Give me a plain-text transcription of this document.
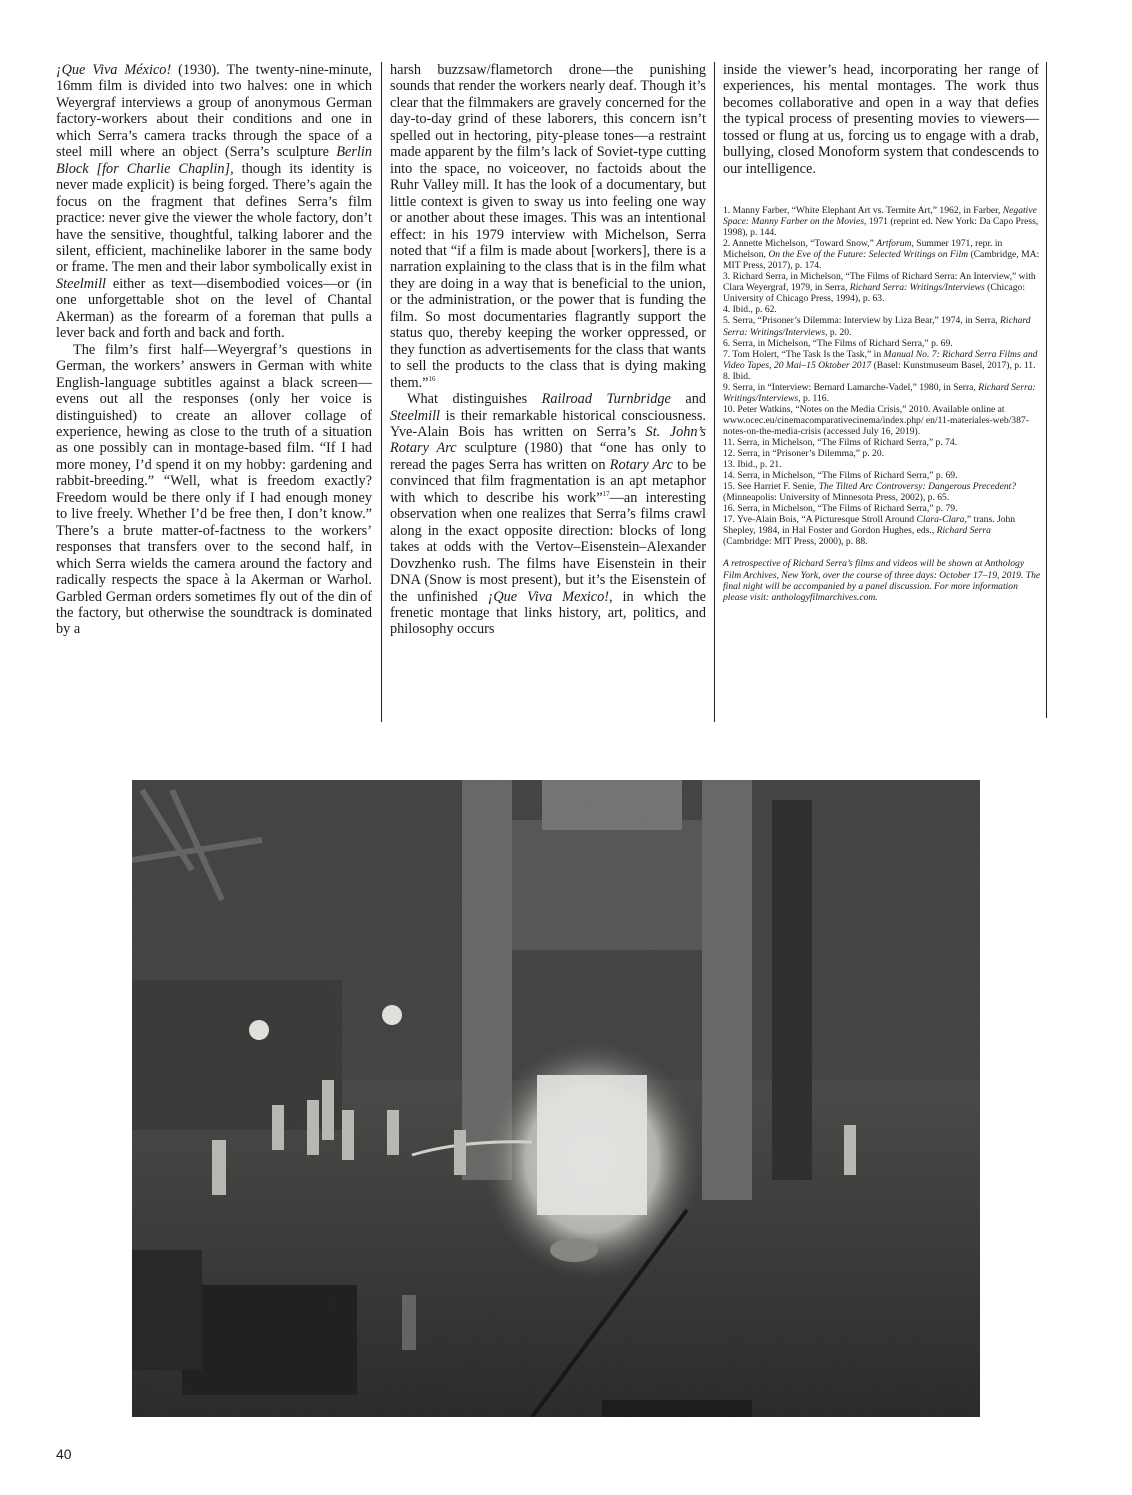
¡Que Viva México! (1930). The twenty-nine-minute, 16mm film is divided into two halves: one in which Weyergraf interviews a group of anonymous German factory-workers about their conditions and one in which Serra’s camera tracks through the space of a steel mill where an object (Serra’s sculpture Berlin Block [for Charlie Chaplin], though its identity is never made explicit) is being forged. There’s again the focus on the fragment that defines Serra’s film practice: never give the viewer the whole factory, don’t have the sensitive, thoughtful, talking laborer and the silent, efficient, machinelike laborer in the same body or frame. The men and their labor symbolically exist in Steelmill either as text—disembodied voices—or (in one unforgettable shot on the level of Chantal Akerman) as the forearm of a foreman that pulls a lever back and forth and back and forth.

The film’s first half—Weyergraf’s questions in German, the workers’ answers in German with white English-language subtitles against a black screen—evens out all the responses (only her voice is distinguished) to create an allover collage of experience, hewing as close to the truth of a situation as one possibly can in montage-based film. “If I had more money, I’d spend it on my hobby: gardening and rabbit-breeding.” “Well, what is freedom exactly? Freedom would be there only if I had enough money to live freely. Whether I’d be free then, I don’t know.” There’s a brute matter-of-factness to the workers’ responses that transfers over to the second half, in which Serra wields the camera around the factory and radically respects the space à la Akerman or Warhol. Garbled German orders sometimes fly out of the din of the factory, but otherwise the soundtrack is dominated by a

harsh buzzsaw/flametorch drone—the punishing sounds that render the workers nearly deaf. Though it’s clear that the filmmakers are gravely concerned for the day-to-day grind of these laborers, this concern isn’t spelled out in hectoring, pity-please tones—a restraint made apparent by the film’s lack of Soviet-type cutting into the space, no voiceover, no factoids about the Ruhr Valley mill. It has the look of a documentary, but little context is given to sway us into feeling one way or another about these images. This was an intentional effect: in his 1979 interview with Michelson, Serra noted that “if a film is made about [workers], there is a narration explaining to the class that is in the film what they are doing in a way that is beneficial to the union, or the administration, or the power that is funding the film. So most documentaries flagrantly support the status quo, thereby keeping the worker oppressed, or they function as advertisements for the class that wants to sell the products to the class that is dying making them.”$^{16}$

What distinguishes Railroad Turnbridge and Steelmill is their remarkable historical consciousness. Yve-Alain Bois has written on Serra’s St. John’s Rotary Arc sculpture (1980) that “one has only to reread the pages Serra has written on Rotary Arc to be convinced that film fragmentation is an apt metaphor with which to describe his work”$^{17}$—an interesting observation when one realizes that Serra’s films crawl along in the exact opposite direction: blocks of long takes at odds with the Vertov–Eisenstein–Alexander Dovzhenko rush. The films have Eisenstein in their DNA (Snow is most present), but it’s the Eisenstein of the unfinished ¡Que Viva Mexico!, in which the frenetic montage that links history, art, politics, and philosophy occurs

inside the viewer’s head, incorporating her range of experiences, his mental montages. The work thus becomes collaborative and open in a way that defies the typical process of presenting movies to viewers—tossed or flung at us, forcing us to engage with a drab, bullying, closed Monoform system that condescends to our intelligence.

1. Manny Farber, “White Elephant Art vs. Termite Art,” 1962, in Farber, Negative Space: Manny Farber on the Movies, 1971 (reprint ed. New York: Da Capo Press, 1998), p. 144.

2. Annette Michelson, “Toward Snow,” Artforum, Summer 1971, repr. in Michelson, On the Eve of the Future: Selected Writings on Film (Cambridge, MA: MIT Press, 2017), p. 174.

3. Richard Serra, in Michelson, “The Films of Richard Serra: An Interview,” with Clara Weyergraf, 1979, in Serra, Richard Serra: Writings/Interviews (Chicago: University of Chicago Press, 1994), p. 63.

4. Ibid., p. 62.

5. Serra, “Prisoner’s Dilemma: Interview by Liza Bear,” 1974, in Serra, Richard Serra: Writings/Interviews, p. 20.

6. Serra, in Michelson, “The Films of Richard Serra,” p. 69.

7. Tom Holert, “The Task Is the Task,” in Manual No. 7: Richard Serra Films and Video Tapes, 20 Mai–15 Oktober 2017 (Basel: Kunstmuseum Basel, 2017), p. 11.

8. Ibid.

9. Serra, in “Interview: Bernard Lamarche-Vadel,” 1980, in Serra, Richard Serra: Writings/Interviews, p. 116.

10. Peter Watkins, “Notes on the Media Crisis,” 2010. Available online at www.ocec.eu/cinemacomparativecinema/index.php/ en/11-materiales-web/387-notes-on-the-media-crisis (accessed July 16, 2019).

11. Serra, in Michelson, “The Films of Richard Serra,” p. 74.

12. Serra, in “Prisoner’s Dilemma,” p. 20.

13. Ibid., p. 21.

14. Serra, in Michelson, “The Films of Richard Serra,” p. 69.

15. See Harriet F. Senie, The Tilted Arc Controversy: Dangerous Precedent? (Minneapolis: University of Minnesota Press, 2002), p. 65.

16. Serra, in Michelson, “The Films of Richard Serra,” p. 79.

17. Yve-Alain Bois, “A Picturesque Stroll Around Clara-Clara,” trans. John Shepley, 1984, in Hal Foster and Gordon Hughes, eds., Richard Serra (Cambridge: MIT Press, 2000), p. 88.

A retrospective of Richard Serra’s films and videos will be shown at Anthology Film Archives, New York, over the course of three days: October 17–19, 2019. The final night will be accompanied by a panel discussion. For more information please visit: anthologyfilmarchives.com.

40
